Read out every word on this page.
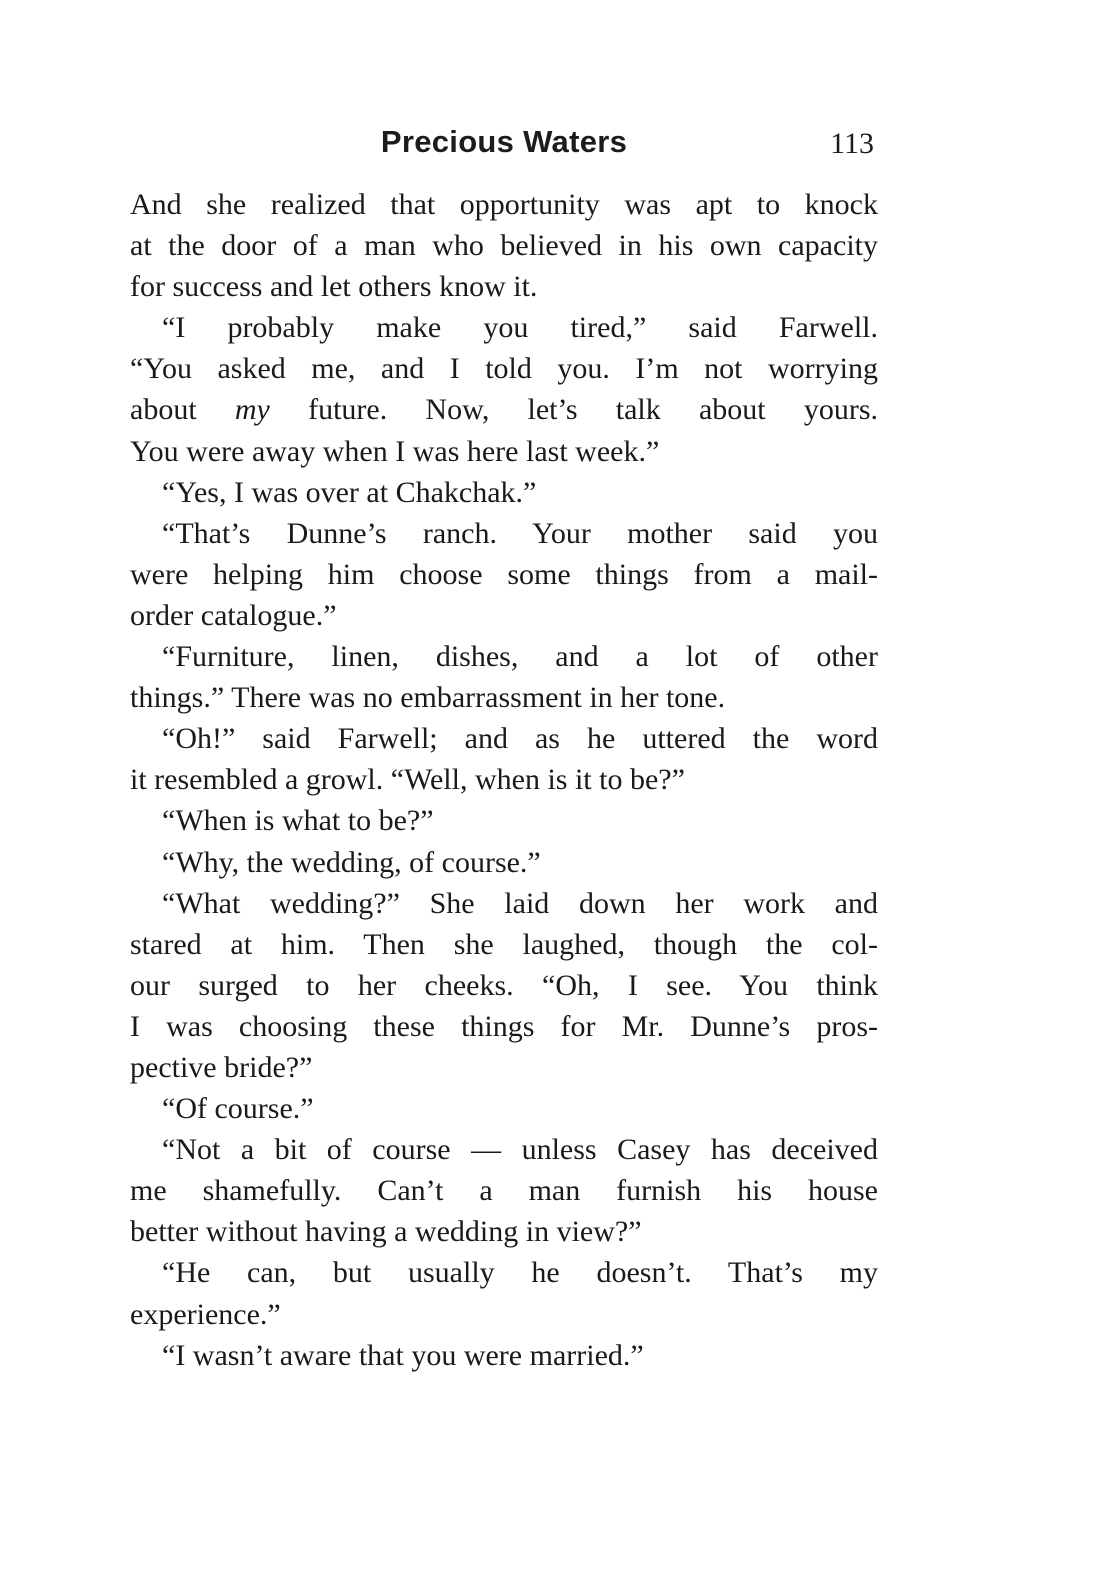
Precious Waters	113
And she realized that opportunity was apt to knock
at the door of a man who believed in his own capacity
for success and let others know it.
“I probably make you tired,” said Farwell.
“You asked me, and I told you. I’m not worrying
about my future. Now, let’s talk about yours.
You were away when I was here last week.”
“Yes, I was over at Chakchak.”
“That’s Dunne’s ranch. Your mother said you
were helping him choose some things from a mail-
order catalogue.”
“Furniture, linen, dishes, and a lot of other
things.” There was no embarrassment in her tone.
“Oh!” said Farwell; and as he uttered the word
it resembled a growl. “Well, when is it to be?”
“When is what to be?”
“Why, the wedding, of course.”
“What wedding?” She laid down her work and
stared at him. Then she laughed, though the col-
our surged to her cheeks. “Oh, I see. You think
I was choosing these things for Mr. Dunne’s pros-
pective bride?”
“Of course.”
“Not a bit of course — unless Casey has deceived
me shamefully. Can’t a man furnish his house
better without having a wedding in view?”
“He can, but usually he doesn’t. That’s my
experience.”
“I wasn’t aware that you were married.”
